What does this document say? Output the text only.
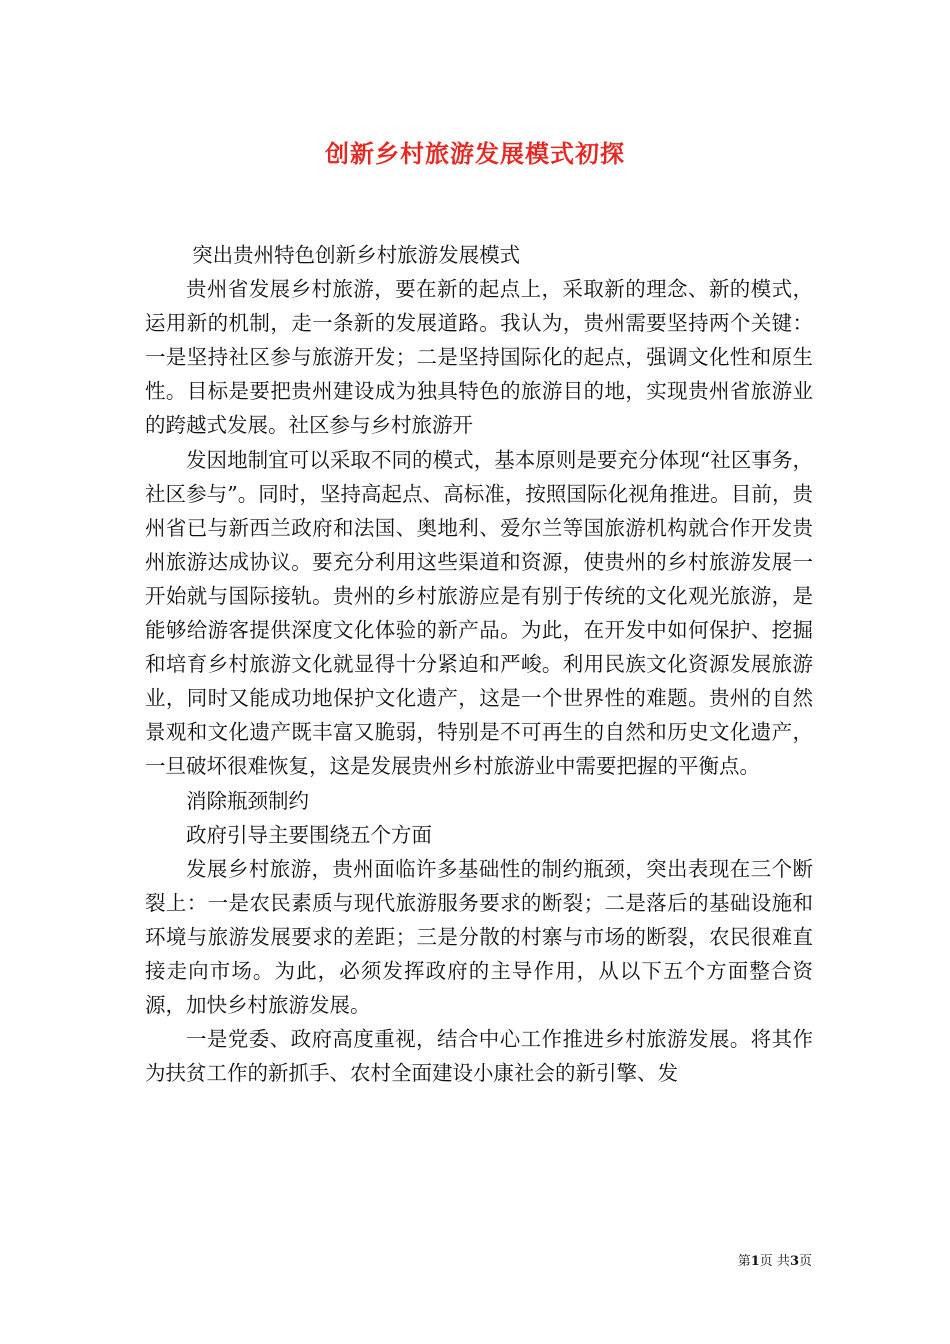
创新乡村旅游发展模式初探

突出贵州特色创新乡村旅游发展模式

贵州省发展乡村旅游，要在新的起点上，采取新的理念、新的模式，运用新的机制，走一条新的发展道路。我认为，贵州需要坚持两个关键：一是坚持社区参与旅游开发；二是坚持国际化的起点，强调文化性和原生性。目标是要把贵州建设成为独具特色的旅游目的地，实现贵州省旅游业的跨越式发展。社区参与乡村旅游开

发因地制宜可以采取不同的模式，基本原则是要充分体现“社区事务，社区参与”。同时，坚持高起点、高标准，按照国际化视角推进。目前，贵州省已与新西兰政府和法国、奥地利、爱尔兰等国旅游机构就合作开发贵州旅游达成协议。要充分利用这些渠道和资源，使贵州的乡村旅游发展一开始就与国际接轨。贵州的乡村旅游应是有别于传统的文化观光旅游，是能够给游客提供深度文化体验的新产品。为此，在开发中如何保护、挖掘和培育乡村旅游文化就显得十分紧迫和严峻。利用民族文化资源发展旅游业，同时又能成功地保护文化遗产，这是一个世界性的难题。贵州的自然景观和文化遗产既丰富又脆弱，特别是不可再生的自然和历史文化遗产，一旦破坏很难恢复，这是发展贵州乡村旅游业中需要把握的平衡点。

消除瓶颈制约

政府引导主要围绕五个方面

发展乡村旅游，贵州面临许多基础性的制约瓶颈，突出表现在三个断裂上：一是农民素质与现代旅游服务要求的断裂；二是落后的基础设施和环境与旅游发展要求的差距；三是分散的村寨与市场的断裂，农民很难直接走向市场。为此，必须发挥政府的主导作用，从以下五个方面整合资源，加快乡村旅游发展。

一是党委、政府高度重视，结合中心工作推进乡村旅游发展。将其作为扶贫工作的新抓手、农村全面建设小康社会的新引擎、发

第1页 共3页
